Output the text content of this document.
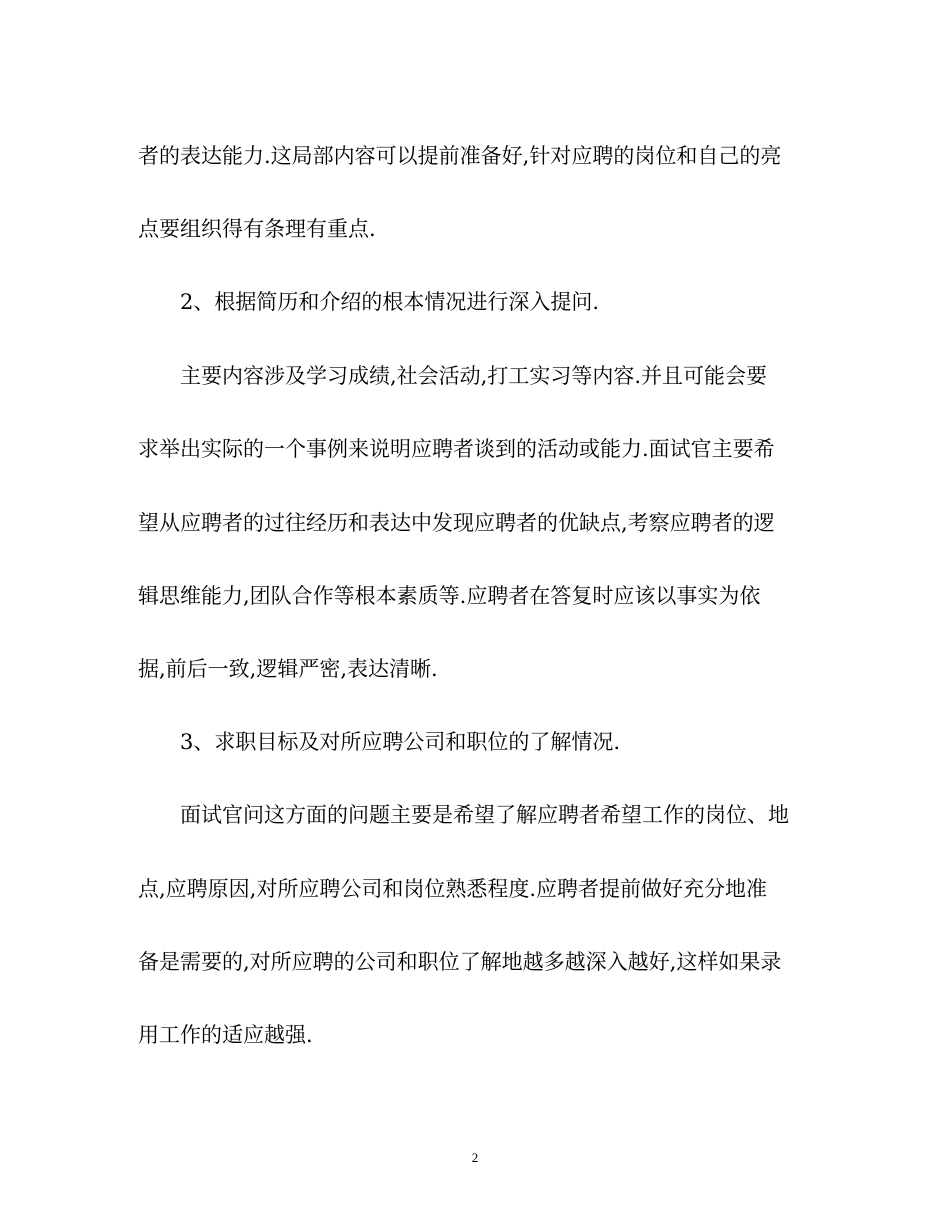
者的表达能力.这局部内容可以提前准备好,针对应聘的岗位和自己的亮

点要组织得有条理有重点.

2、根据简历和介绍的根本情况进行深入提问.

主要内容涉及学习成绩,社会活动,打工实习等内容.并且可能会要

求举出实际的一个事例来说明应聘者谈到的活动或能力.面试官主要希

望从应聘者的过往经历和表达中发现应聘者的优缺点,考察应聘者的逻

辑思维能力,团队合作等根本素质等.应聘者在答复时应该以事实为依

据,前后一致,逻辑严密,表达清晰.

3、求职目标及对所应聘公司和职位的了解情况.

面试官问这方面的问题主要是希望了解应聘者希望工作的岗位、地

点,应聘原因,对所应聘公司和岗位熟悉程度.应聘者提前做好充分地准

备是需要的,对所应聘的公司和职位了解地越多越深入越好,这样如果录

用工作的适应越强.

2
